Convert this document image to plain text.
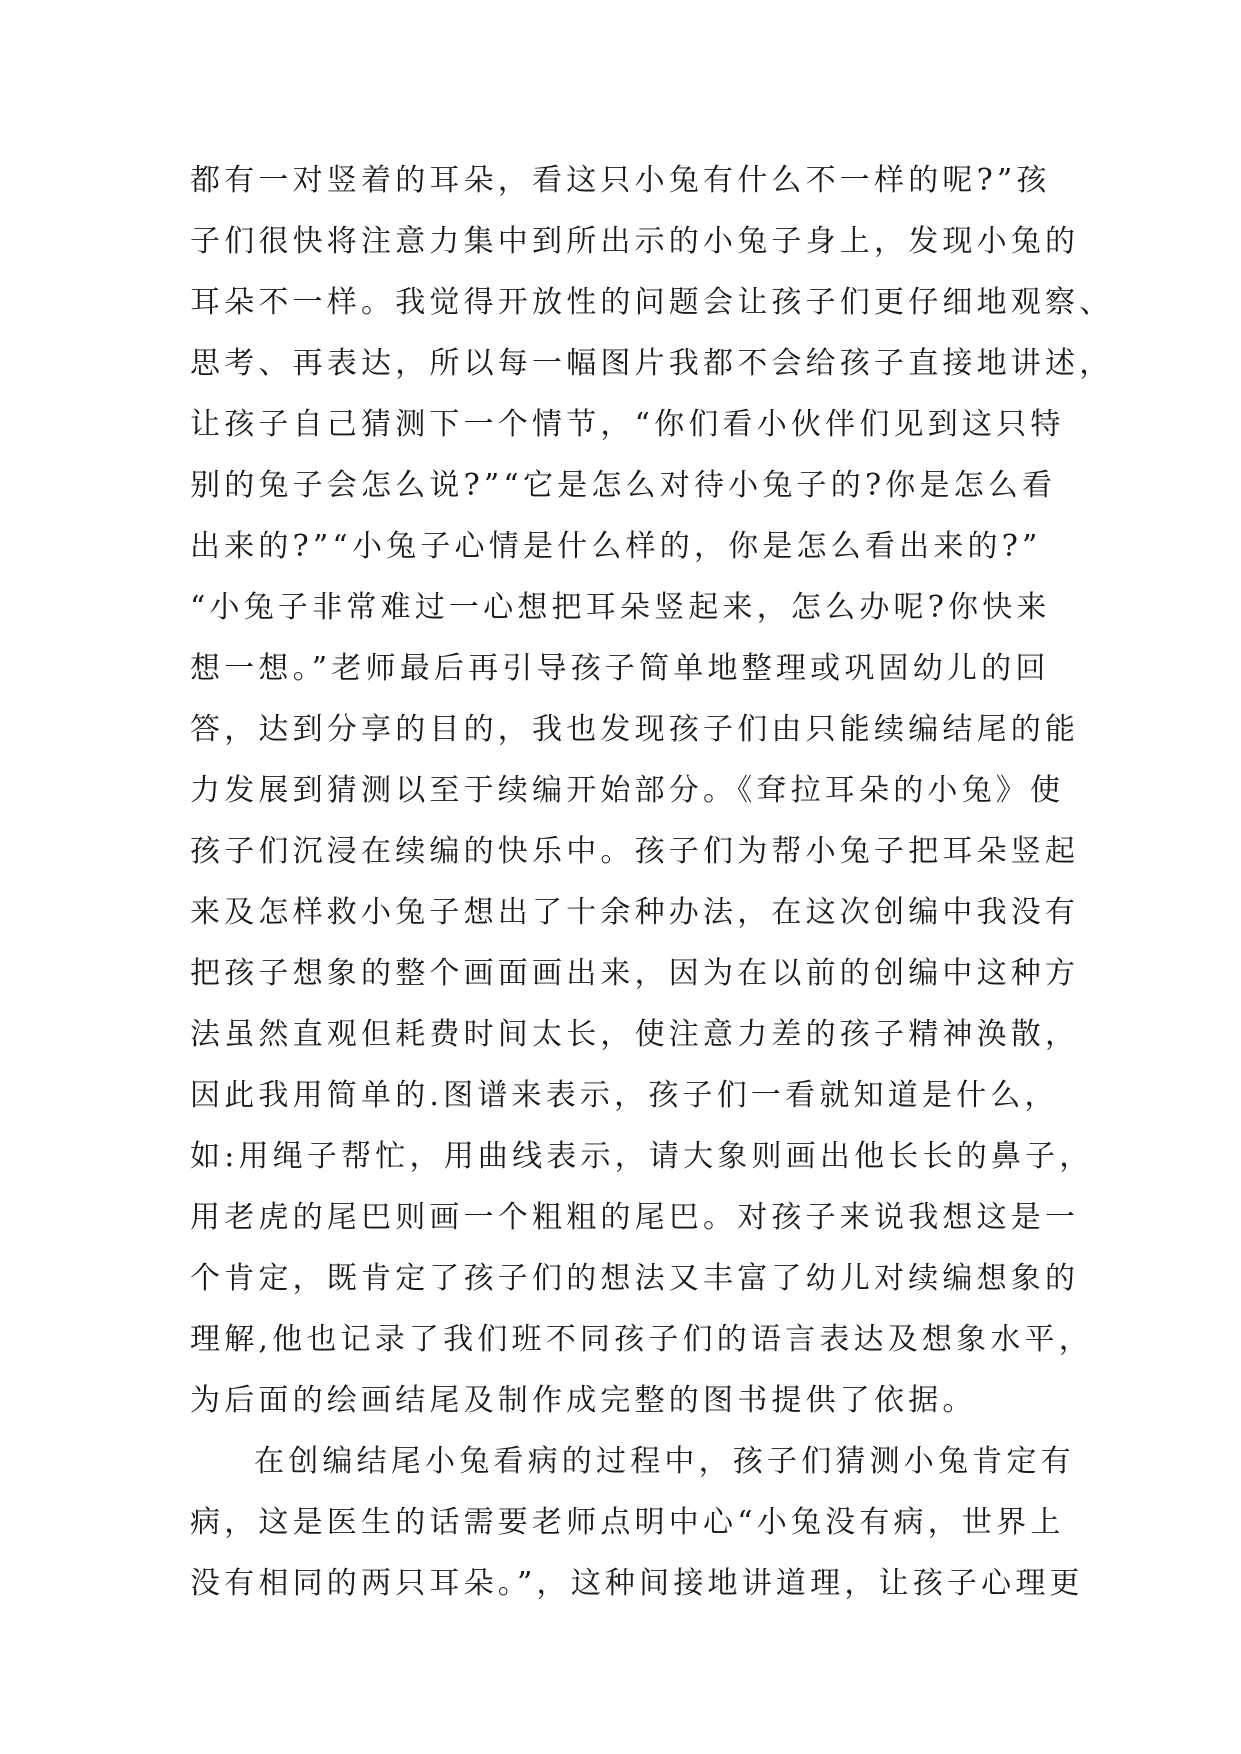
都有一对竖着的耳朵，看这只小兔有什么不一样的呢?”孩
子们很快将注意力集中到所出示的小兔子身上，发现小兔的
耳朵不一样。我觉得开放性的问题会让孩子们更仔细地观察、
思考、再表达，所以每一幅图片我都不会给孩子直接地讲述，
让孩子自己猜测下一个情节，“你们看小伙伴们见到这只特
别的兔子会怎么说?”“它是怎么对待小兔子的?你是怎么看
出来的?”“小兔子心情是什么样的，你是怎么看出来的?”
“小兔子非常难过一心想把耳朵竖起来，怎么办呢?你快来
想一想。”老师最后再引导孩子简单地整理或巩固幼儿的回
答，达到分享的目的，我也发现孩子们由只能续编结尾的能
力发展到猜测以至于续编开始部分。《耷拉耳朵的小兔》使
孩子们沉浸在续编的快乐中。孩子们为帮小兔子把耳朵竖起
来及怎样救小兔子想出了十余种办法，在这次创编中我没有
把孩子想象的整个画面画出来，因为在以前的创编中这种方
法虽然直观但耗费时间太长，使注意力差的孩子精神涣散，
因此我用简单的.图谱来表示，孩子们一看就知道是什么，
如:用绳子帮忙，用曲线表示，请大象则画出他长长的鼻子，
用老虎的尾巴则画一个粗粗的尾巴。对孩子来说我想这是一
个肯定，既肯定了孩子们的想法又丰富了幼儿对续编想象的
理解,他也记录了我们班不同孩子们的语言表达及想象水平，
为后面的绘画结尾及制作成完整的图书提供了依据。
在创编结尾小兔看病的过程中，孩子们猜测小兔肯定有
病，这是医生的话需要老师点明中心“小兔没有病，世界上
没有相同的两只耳朵。”，这种间接地讲道理，让孩子心理更
